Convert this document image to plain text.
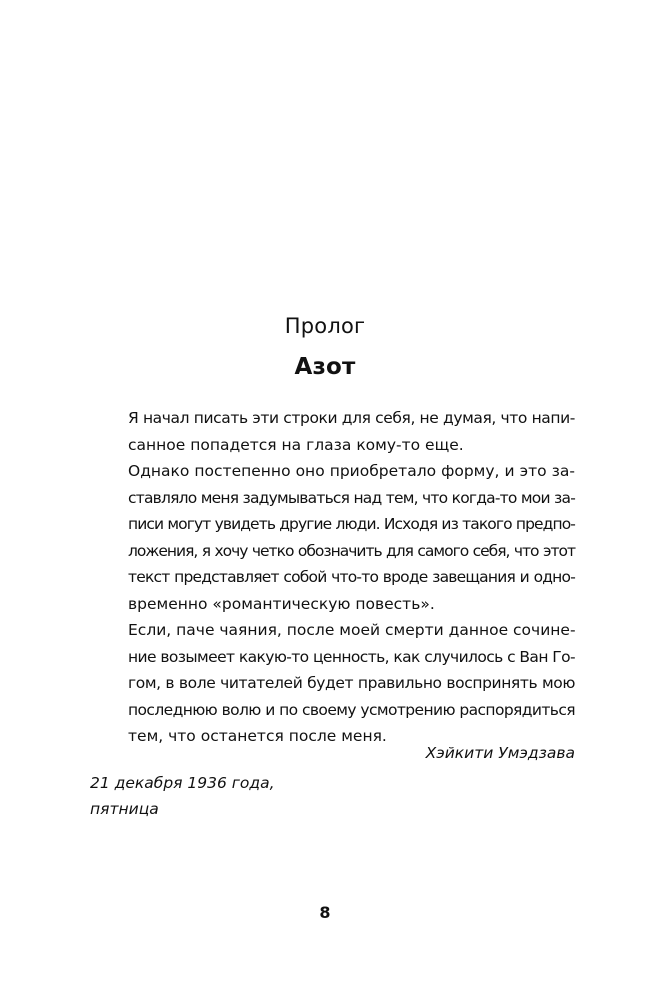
Пролог
Азот

Я начал писать эти строки для себя, не думая, что напи-
санное попадется на глаза кому-то еще.

Однако постепенно оно приобретало форму, и это за-
ставляло меня задумываться над тем, что когда-то мои за-
писи могут увидеть другие люди. Исходя из такого предпо-
ложения, я хочу четко обозначить для самого себя, что этот
текст представляет собой что-то вроде завещания и одно-
временно «романтическую повесть».

Если, паче чаяния, после моей смерти данное сочине-
ние возымеет какую-то ценность, как случилось с Ван Го-
гом, в воле читателей будет правильно воспринять мою
последнюю волю и по своему усмотрению распорядиться
тем, что останется после меня.

Хэйкити Умэдзава
21 декабря 1936 года,
пятница
8
